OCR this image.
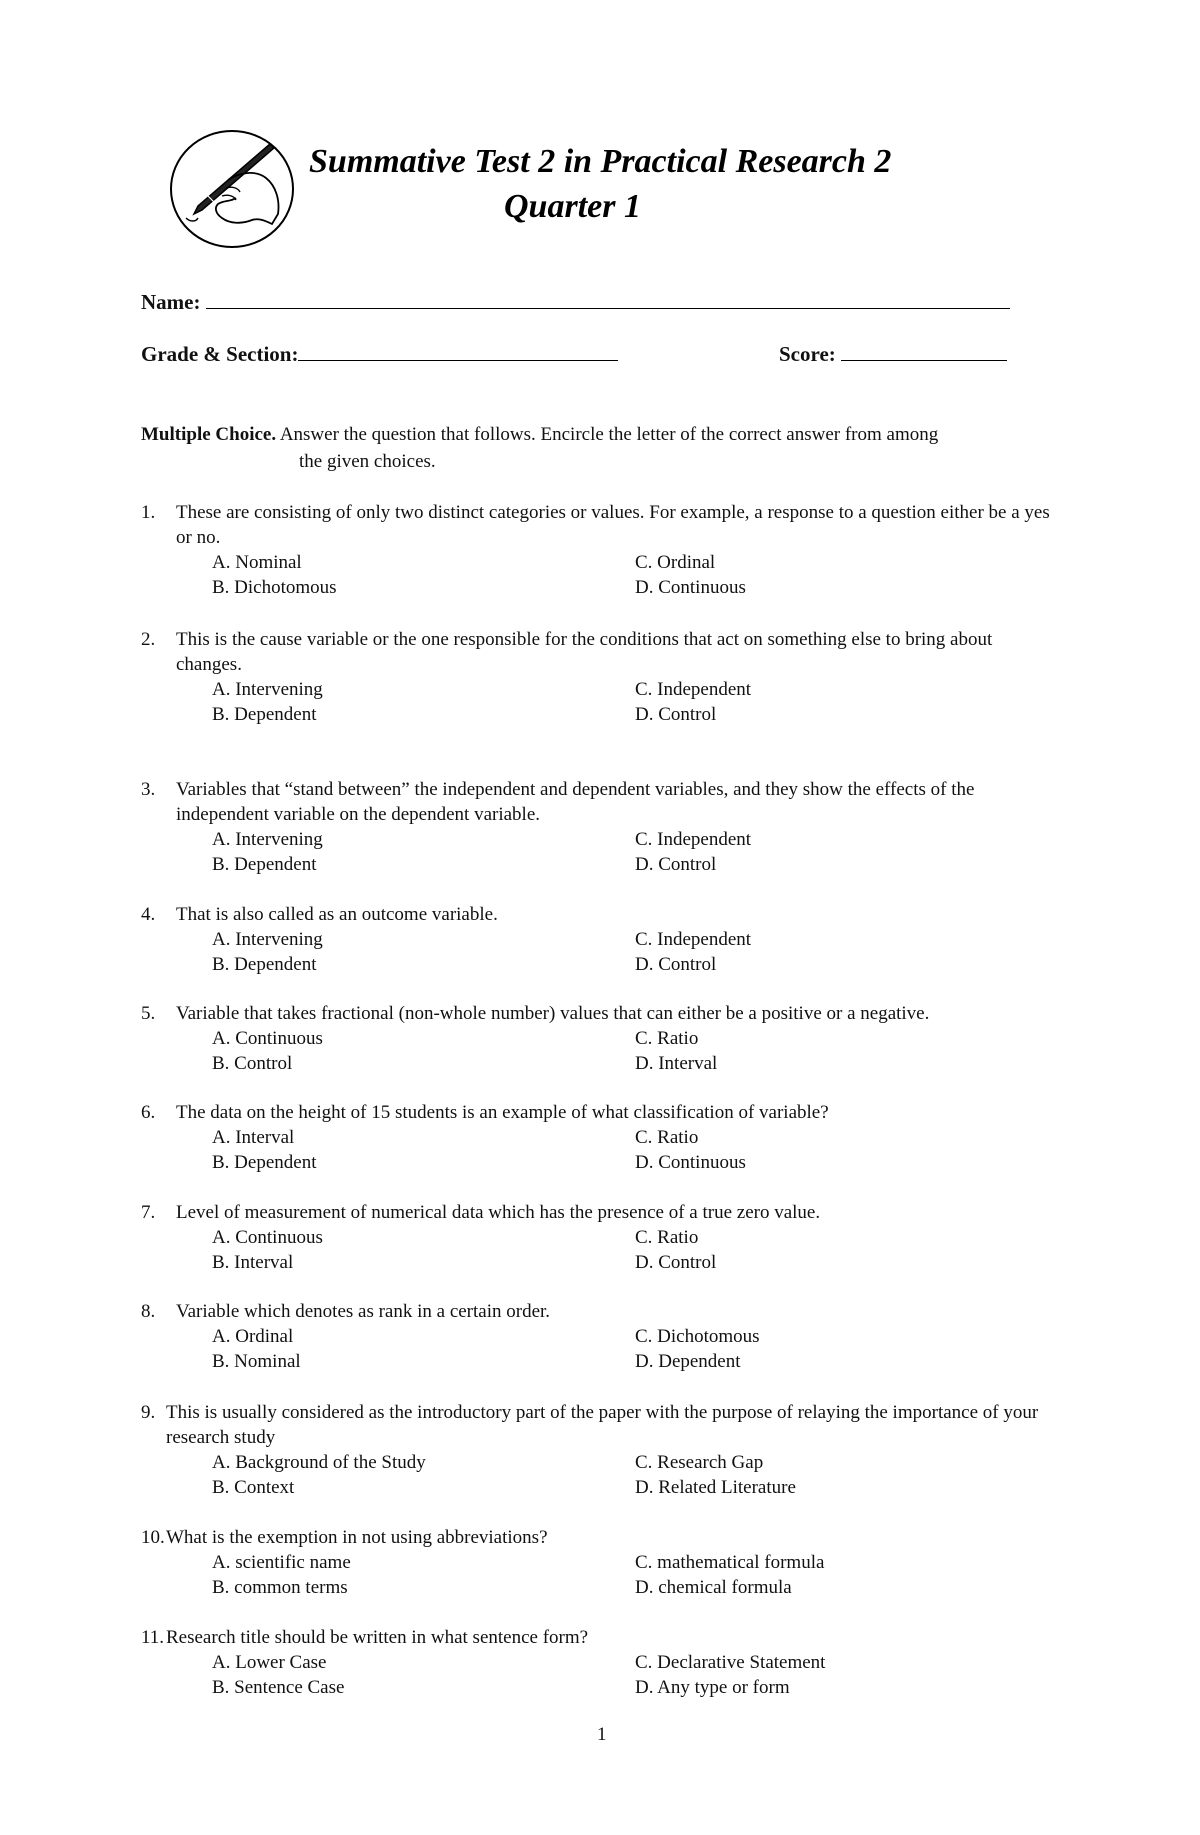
Summative Test 2 in Practical Research 2
Quarter 1
Name:
Grade & Section:	Score:
Multiple Choice. Answer the question that follows. Encircle the letter of the correct answer from among
the given choices.
1. These are consisting of only two distinct categories or values. For example, a response to a question either be a yes or no.
A. Nominal
B. Dichotomous
C. Ordinal
D. Continuous
2. This is the cause variable or the one responsible for the conditions that act on something else to bring about changes.
A. Intervening
B. Dependent
C. Independent
D. Control
3. Variables that “stand between” the independent and dependent variables, and they show the effects of the independent variable on the dependent variable.
A. Intervening
B. Dependent
C. Independent
D. Control
4. That is also called as an outcome variable.
A. Intervening
B. Dependent
C. Independent
D. Control
5. Variable that takes fractional (non-whole number) values that can either be a positive or a negative.
A. Continuous
B. Control
C. Ratio
D. Interval
6. The data on the height of 15 students is an example of what classification of variable?
A. Interval
B. Dependent
C. Ratio
D. Continuous
7. Level of measurement of numerical data which has the presence of a true zero value.
A. Continuous
B. Interval
C. Ratio
D. Control
8. Variable which denotes as rank in a certain order.
A. Ordinal
B. Nominal
C. Dichotomous
D. Dependent
9. This is usually considered as the introductory part of the paper with the purpose of relaying the importance of your research study
A. Background of the Study
B. Context
C. Research Gap
D. Related Literature
10. What is the exemption in not using abbreviations?
A. scientific name
B. common terms
C. mathematical formula
D. chemical formula
11. Research title should be written in what sentence form?
A. Lower Case
B. Sentence Case
C. Declarative Statement
D. Any type or form
1
